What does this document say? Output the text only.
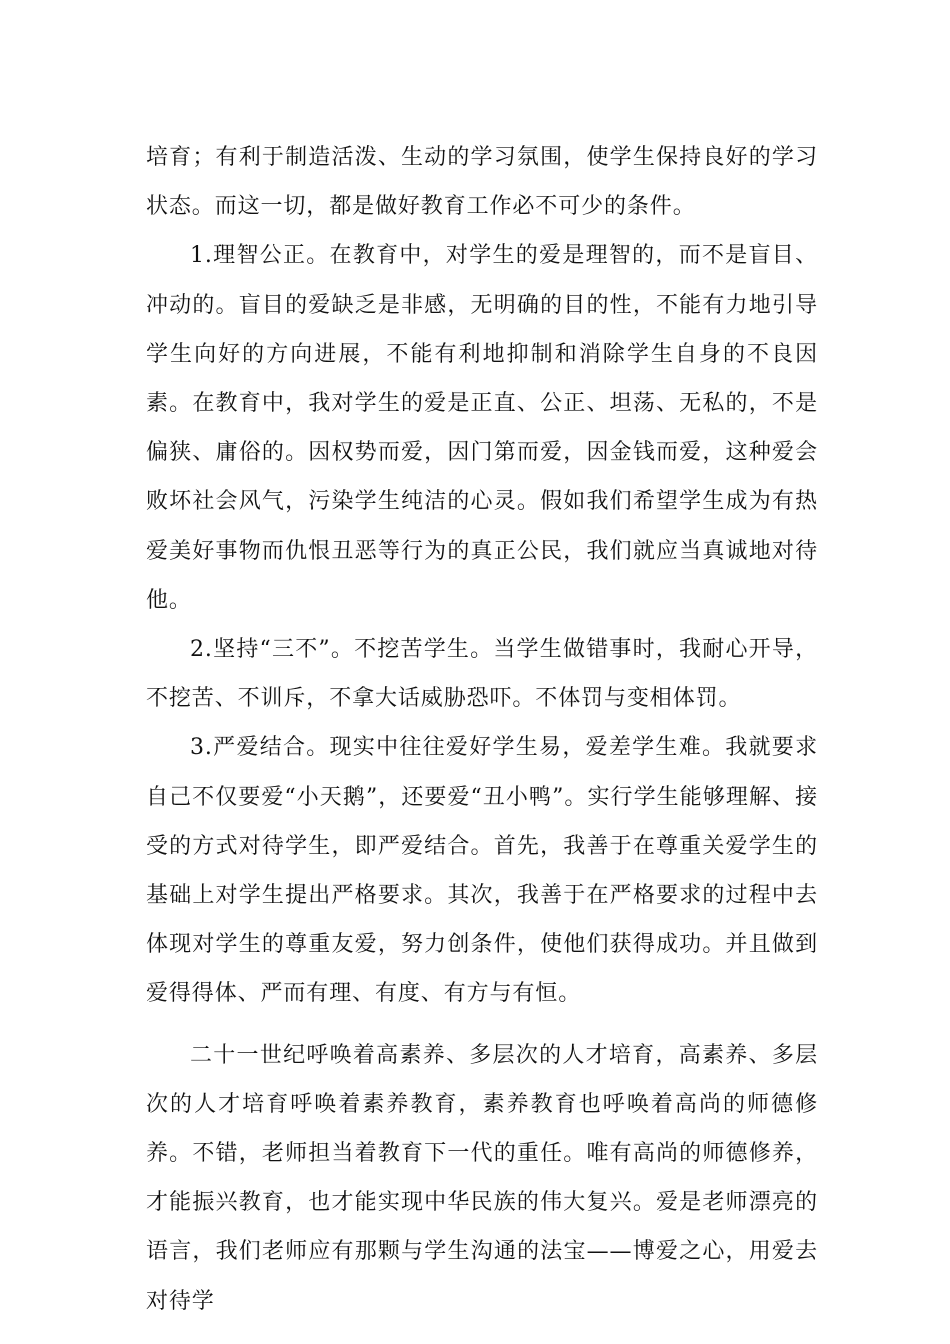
培育；有利于制造活泼、生动的学习氛围，使学生保持良好的学习状态。而这一切，都是做好教育工作必不可少的条件。

1.理智公正。在教育中，对学生的爱是理智的，而不是盲目、冲动的。盲目的爱缺乏是非感，无明确的目的性，不能有力地引导学生向好的方向进展，不能有利地抑制和消除学生自身的不良因素。在教育中，我对学生的爱是正直、公正、坦荡、无私的，不是偏狭、庸俗的。因权势而爱，因门第而爱，因金钱而爱，这种爱会败坏社会风气，污染学生纯洁的心灵。假如我们希望学生成为有热爱美好事物而仇恨丑恶等行为的真正公民，我们就应当真诚地对待他。

2.坚持“三不”。不挖苦学生。当学生做错事时，我耐心开导，不挖苦、不训斥，不拿大话威胁恐吓。不体罚与变相体罚。

3.严爱结合。现实中往往爱好学生易，爱差学生难。我就要求自己不仅要爱“小天鹅”，还要爱“丑小鸭”。实行学生能够理解、接受的方式对待学生，即严爱结合。首先，我善于在尊重关爱学生的基础上对学生提出严格要求。其次，我善于在严格要求的过程中去体现对学生的尊重友爱，努力创条件，使他们获得成功。并且做到爱得得体、严而有理、有度、有方与有恒。

二十一世纪呼唤着高素养、多层次的人才培育，高素养、多层次的人才培育呼唤着素养教育，素养教育也呼唤着高尚的师德修养。不错，老师担当着教育下一代的重任。唯有高尚的师德修养，才能振兴教育，也才能实现中华民族的伟大复兴。爱是老师漂亮的语言，我们老师应有那颗与学生沟通的法宝——博爱之心，用爱去对待学
